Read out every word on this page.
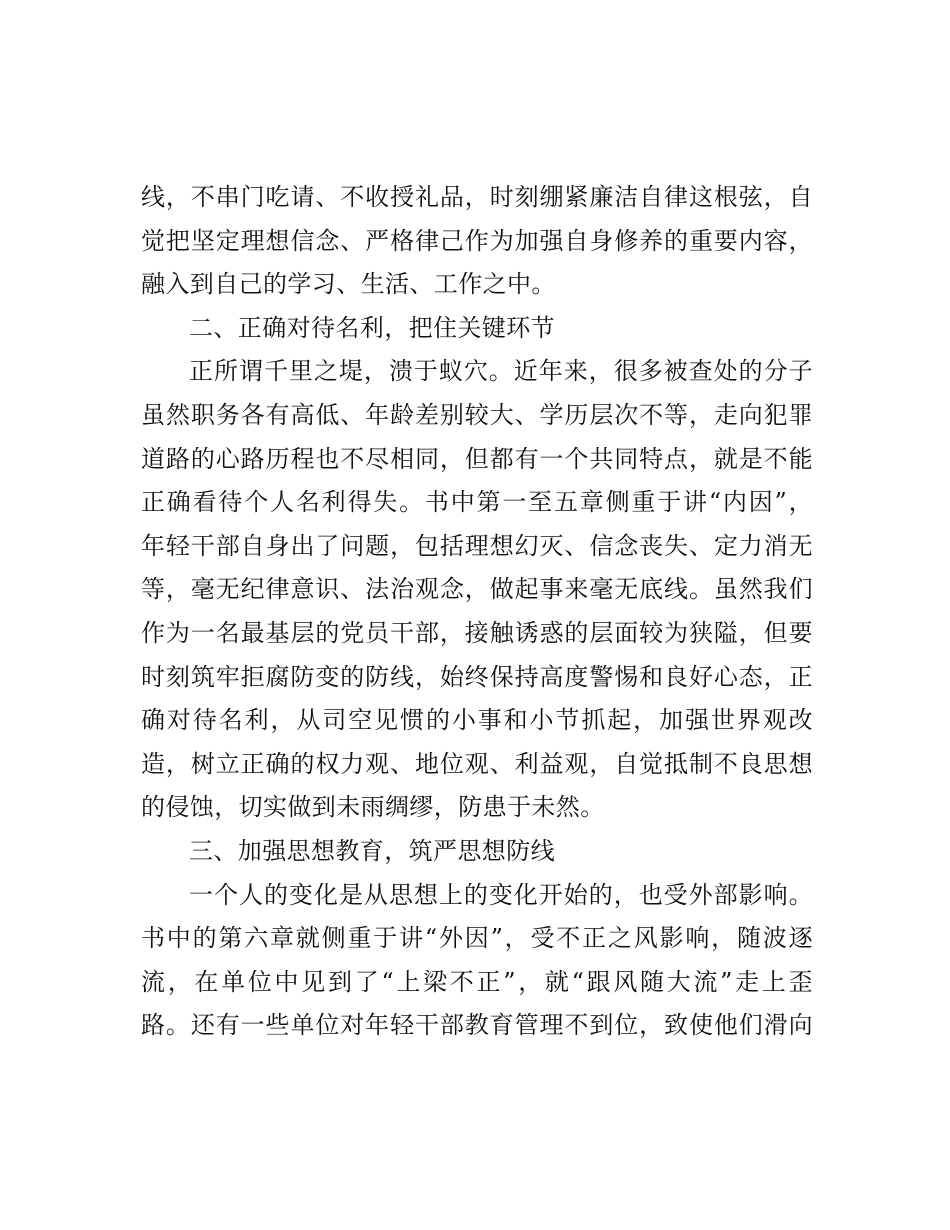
线，不串门吃请、不收授礼品，时刻绷紧廉洁自律这根弦，自
觉把坚定理想信念、严格律己作为加强自身修养的重要内容，
融入到自己的学习、生活、工作之中。
二、正确对待名利，把住关键环节
正所谓千里之堤，溃于蚁穴。近年来，很多被查处的分子
虽然职务各有高低、年龄差别较大、学历层次不等，走向犯罪
道路的心路历程也不尽相同，但都有一个共同特点，就是不能
正确看待个人名利得失。书中第一至五章侧重于讲“内因”，
年轻干部自身出了问题，包括理想幻灭、信念丧失、定力消无
等，毫无纪律意识、法治观念，做起事来毫无底线。虽然我们
作为一名最基层的党员干部，接触诱惑的层面较为狭隘，但要
时刻筑牢拒腐防变的防线，始终保持高度警惕和良好心态，正
确对待名利，从司空见惯的小事和小节抓起，加强世界观改
造，树立正确的权力观、地位观、利益观，自觉抵制不良思想
的侵蚀，切实做到未雨绸缪，防患于未然。
三、加强思想教育，筑严思想防线
一个人的变化是从思想上的变化开始的，也受外部影响。
书中的第六章就侧重于讲“外因”，受不正之风影响，随波逐
流，在单位中见到了“上梁不正”，就“跟风随大流”走上歪
路。还有一些单位对年轻干部教育管理不到位，致使他们滑向
